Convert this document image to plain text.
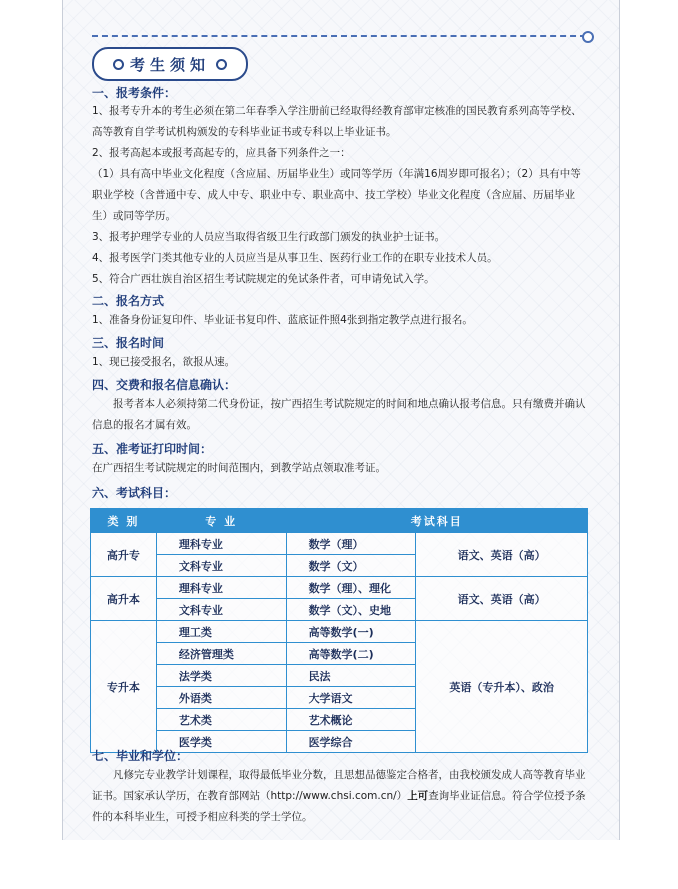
考生须知
一、报考条件：
1、报考专升本的考生必须在第二年春季入学注册前已经取得经教育部审定核准的国民教育系列高等学校、高等教育自学考试机构颁发的专科毕业证书或专科以上毕业证书。
2、报考高起本或报考高起专的，应具备下列条件之一：
（1）具有高中毕业文化程度（含应届、历届毕业生）或同等学历（年满16周岁即可报名）；（2）具有中等职业学校（含普通中专、成人中专、职业中专、职业高中、技工学校）毕业文化程度（含应届、历届毕业生）或同等学历。
3、报考护理学专业的人员应当取得省级卫生行政部门颁发的执业护士证书。
4、报考医学门类其他专业的人员应当是从事卫生、医药行业工作的在职专业技术人员。
5、符合广西壮族自治区招生考试院规定的免试条件者，可申请免试入学。
二、报名方式
1、准备身份证复印件、毕业证书复印件、蓝底证件照4张到指定教学点进行报名。
三、报名时间
1、现已接受报名，欲报从速。
四、交费和报名信息确认：
报考者本人必须持第二代身份证，按广西招生考试院规定的时间和地点确认报考信息。只有缴费并确认信息的报名才属有效。
五、准考证打印时间：
在广西招生考试院规定的时间范围内，到教学站点领取准考证。
六、考试科目：
类 别	专 业	考试科目	
高升专	理科专业	数学（理）	语文、英语（高）
	文科专业	数学（文）	
高升本	理科专业	数学（理）、理化	语文、英语（高）
	文科专业	数学（文）、史地	
专升本	理工类	高等数学(一)	英语（专升本）、政治
	经济管理类	高等数学(二)	
	法学类	民法	
	外语类	大学语文	
	艺术类	艺术概论	
	医学类	医学综合	
七、毕业和学位：
凡修完专业教学计划课程，取得最低毕业分数，且思想品德鉴定合格者，由我校颁发成人高等教育毕业证书。国家承认学历，在教育部网站（http://www.chsi.com.cn/）上可查询毕业证信息。符合学位授予条件的本科毕业生，可授予相应科类的学士学位。
